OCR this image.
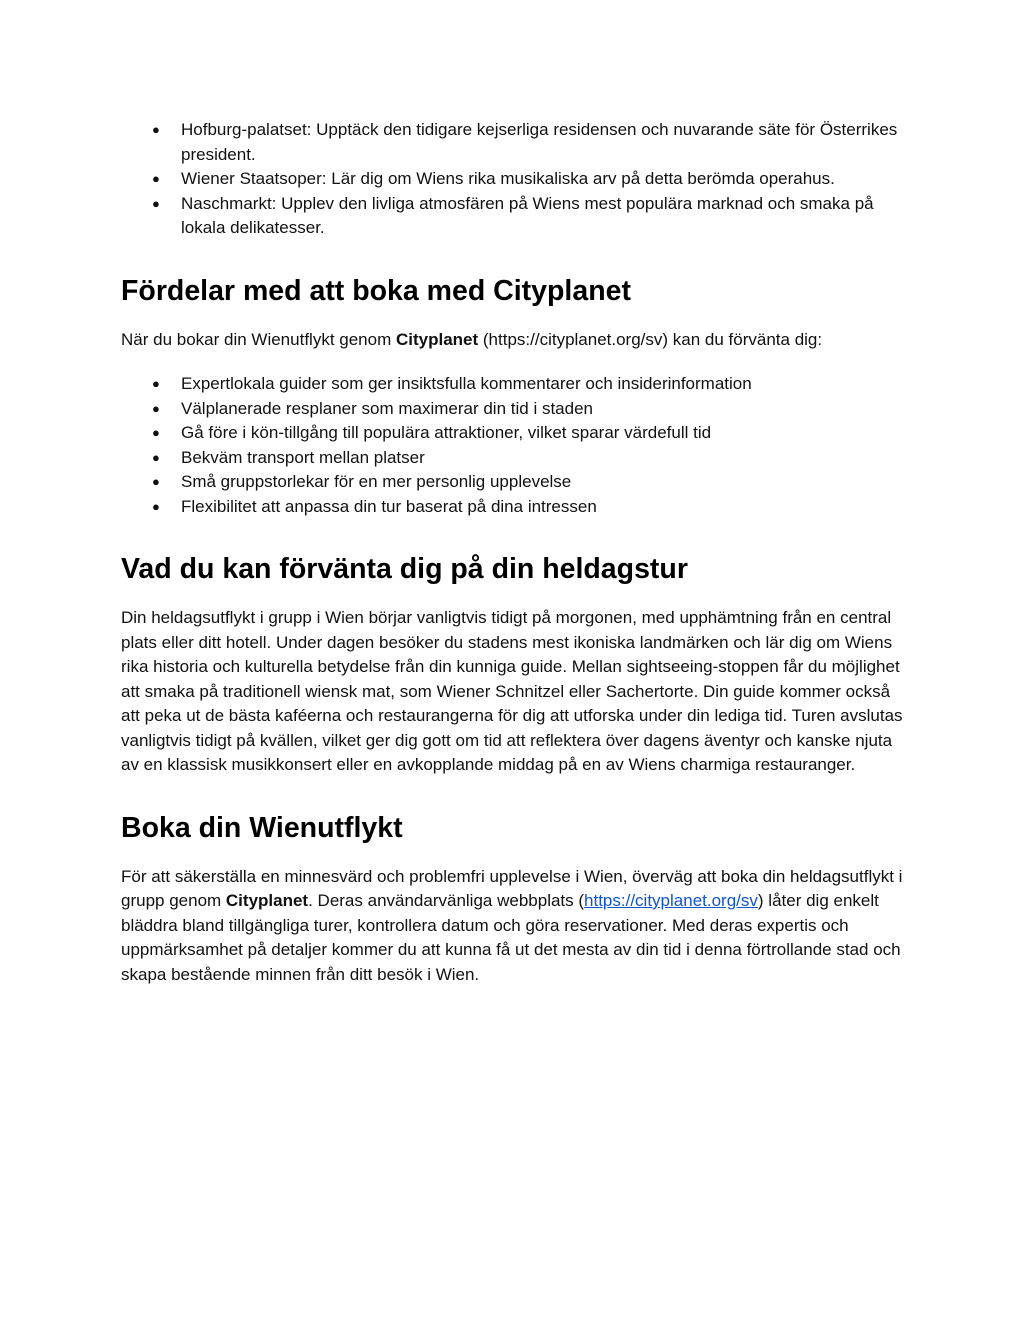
● Hofburg-palatset: Upptäck den tidigare kejserliga residensen och nuvarande säte för Österrikes president.
● Wiener Staatsoper: Lär dig om Wiens rika musikaliska arv på detta berömda operahus.
● Naschmarkt: Upplev den livliga atmosfären på Wiens mest populära marknad och smaka på lokala delikatesser.
Fördelar med att boka med Cityplanet

När du bokar din Wienutflykt genom Cityplanet (https://cityplanet.org/sv) kan du förvänta dig:

● Expertlokala guider som ger insiktsfulla kommentarer och insiderinformation
● Välplanerade resplaner som maximerar din tid i staden
● Gå före i kön-tillgång till populära attraktioner, vilket sparar värdefull tid
● Bekväm transport mellan platser
● Små gruppstorlekar för en mer personlig upplevelse
● Flexibilitet att anpassa din tur baserat på dina intressen
Vad du kan förvänta dig på din heldagstur

Din heldagsutflykt i grupp i Wien börjar vanligtvis tidigt på morgonen, med upphämtning från en central plats eller ditt hotell. Under dagen besöker du stadens mest ikoniska landmärken och lär dig om Wiens rika historia och kulturella betydelse från din kunniga guide. Mellan sightseeing-stoppen får du möjlighet att smaka på traditionell wiensk mat, som Wiener Schnitzel eller Sachertorte. Din guide kommer också att peka ut de bästa kaféerna och restaurangerna för dig att utforska under din lediga tid. Turen avslutas vanligtvis tidigt på kvällen, vilket ger dig gott om tid att reflektera över dagens äventyr och kanske njuta av en klassisk musikkonsert eller en avkopplande middag på en av Wiens charmiga restauranger.

Boka din Wienutflykt

För att säkerställa en minnesvärd och problemfri upplevelse i Wien, överväg att boka din heldagsutflykt i grupp genom Cityplanet. Deras användarvänliga webbplats (https://cityplanet.org/sv) låter dig enkelt bläddra bland tillgängliga turer, kontrollera datum och göra reservationer. Med deras expertis och uppmärksamhet på detaljer kommer du att kunna få ut det mesta av din tid i denna förtrollande stad och skapa bestående minnen från ditt besök i Wien.
